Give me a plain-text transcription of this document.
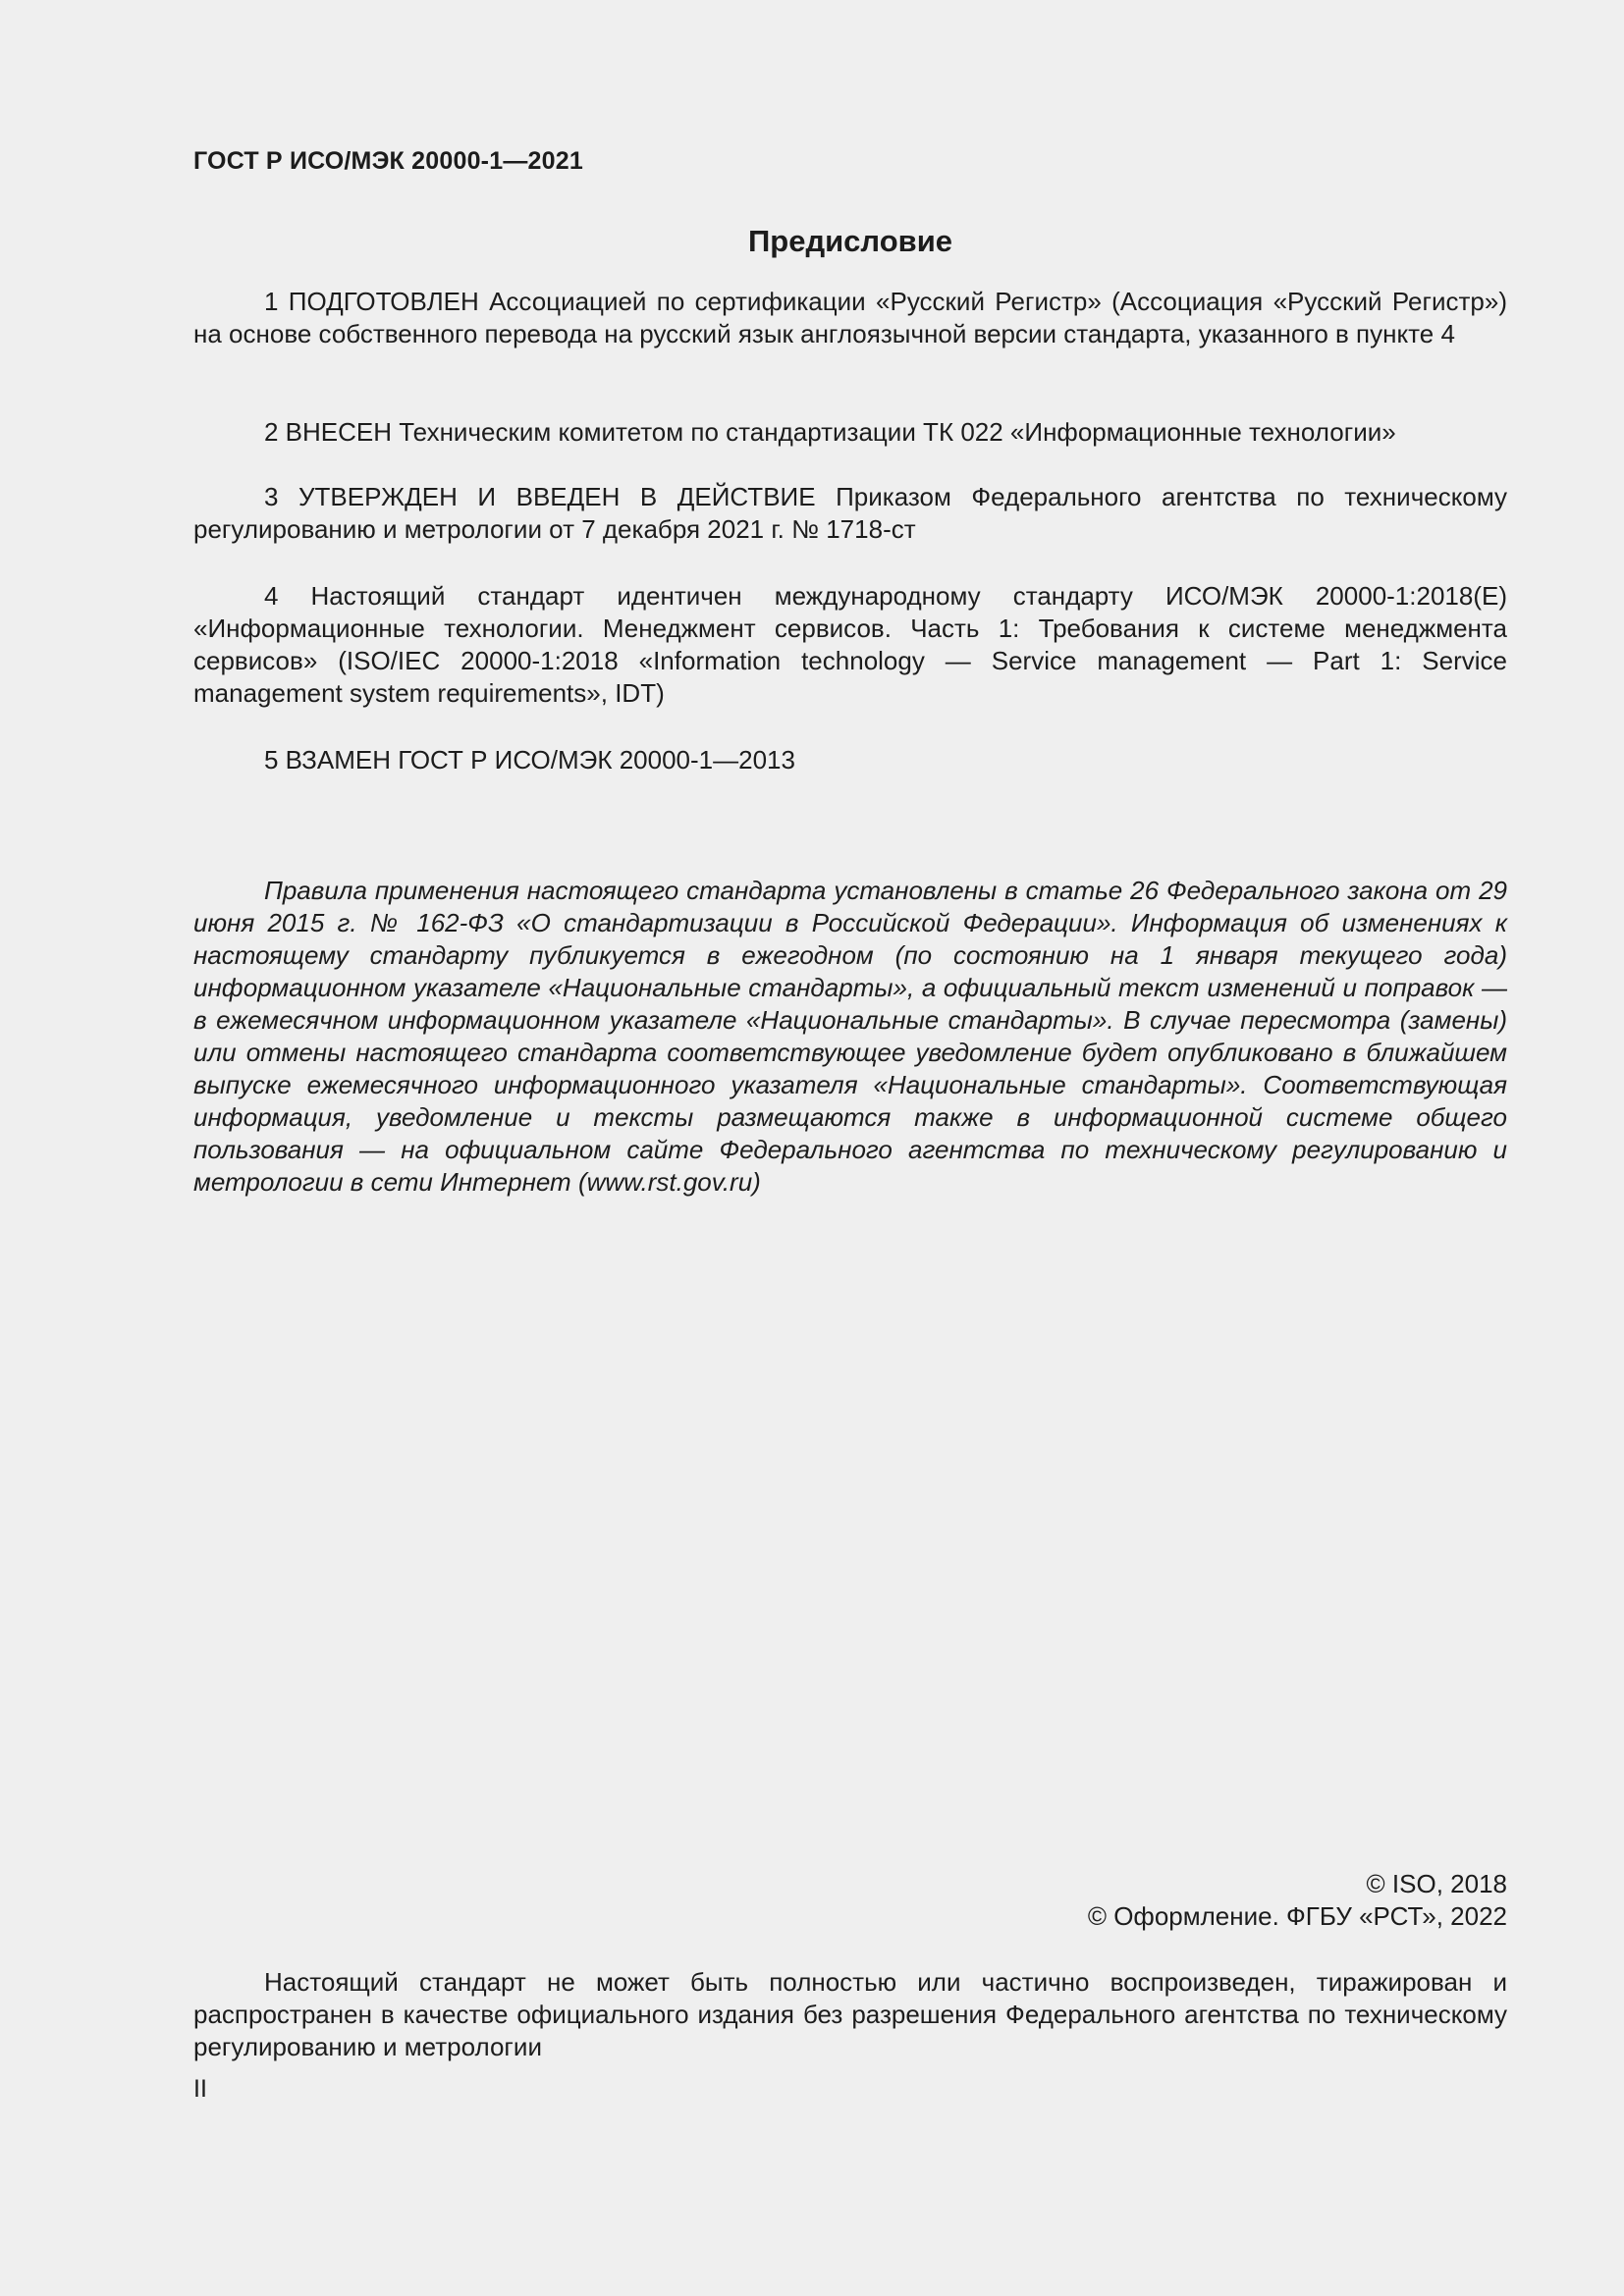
ГОСТ Р ИСО/МЭК 20000-1—2021
Предисловие

1 ПОДГОТОВЛЕН Ассоциацией по сертификации «Русский Регистр» (Ассоциация «Русский Регистр») на основе собственного перевода на русский язык англоязычной версии стандарта, указанного в пункте 4

2 ВНЕСЕН Техническим комитетом по стандартизации ТК 022 «Информационные технологии»

3 УТВЕРЖДЕН И ВВЕДЕН В ДЕЙСТВИЕ Приказом Федерального агентства по техническому регулированию и метрологии от 7 декабря 2021 г. № 1718-ст

4 Настоящий стандарт идентичен международному стандарту ИСО/МЭК 20000-1:2018(E) «Информационные технологии. Менеджмент сервисов. Часть 1: Требования к системе менеджмента сервисов» (ISO/IEC 20000-1:2018 «Information technology — Service management — Part 1: Service management system requirements», IDT)

5 ВЗАМЕН ГОСТ Р ИСО/МЭК 20000-1—2013

Правила применения настоящего стандарта установлены в статье 26 Федерального закона от 29 июня 2015 г. № 162-ФЗ «О стандартизации в Российской Федерации». Информация об изменениях к настоящему стандарту публикуется в ежегодном (по состоянию на 1 января текущего года) информационном указателе «Национальные стандарты», а официальный текст изменений и поправок — в ежемесячном информационном указателе «Национальные стандарты». В случае пересмотра (замены) или отмены настоящего стандарта соответствующее уведомление будет опубликовано в ближайшем выпуске ежемесячного информационного указателя «Национальные стандарты». Соответствующая информация, уведомление и тексты размещаются также в информационной системе общего пользования — на официальном сайте Федерального агентства по техническому регулированию и метрологии в сети Интернет (www.rst.gov.ru)

© ISO, 2018
© Оформление. ФГБУ «РСТ», 2022

Настоящий стандарт не может быть полностью или частично воспроизведен, тиражирован и распространен в качестве официального издания без разрешения Федерального агентства по техническому регулированию и метрологии

II
